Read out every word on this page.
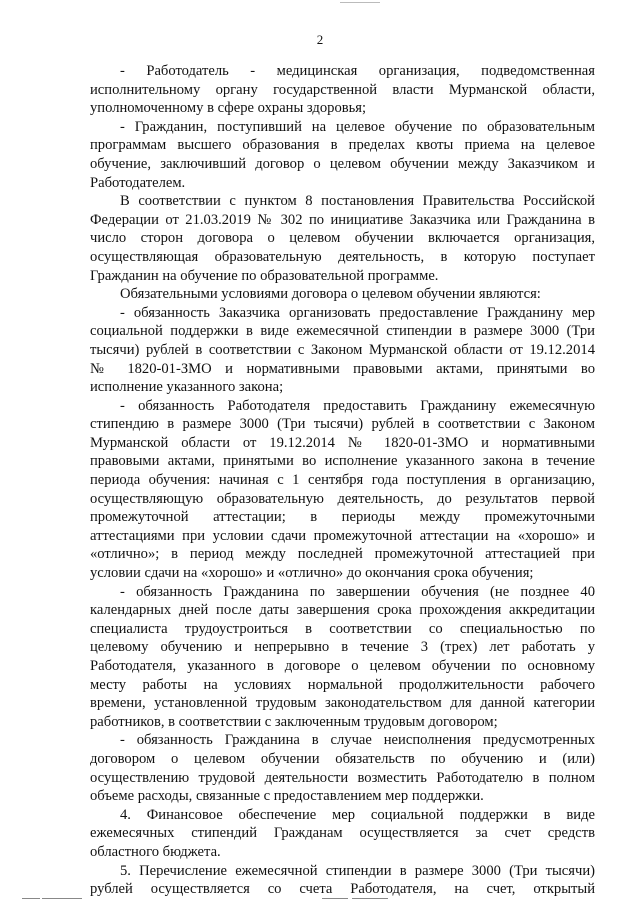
2
- Работодатель - медицинская организация, подведомственная
исполнительному органу государственной власти Мурманской области,
уполномоченному в сфере охраны здоровья;
- Гражданин, поступивший на целевое обучение по образовательным
программам высшего образования в пределах квоты приема на целевое
обучение, заключивший договор о целевом обучении между Заказчиком и
Работодателем.
В соответствии с пунктом 8 постановления Правительства Российской
Федерации от 21.03.2019 № 302 по инициативе Заказчика или Гражданина в
число сторон договора о целевом обучении включается организация,
осуществляющая образовательную деятельность, в которую поступает
Гражданин на обучение по образовательной программе.
Обязательными условиями договора о целевом обучении являются:
- обязанность Заказчика организовать предоставление Гражданину мер
социальной поддержки в виде ежемесячной стипендии в размере 3000 (Три
тысячи) рублей в соответствии с Законом Мурманской области от 19.12.2014
№ 1820-01-ЗМО и нормативными правовыми актами, принятыми во
исполнение указанного закона;
- обязанность Работодателя предоставить Гражданину ежемесячную
стипендию в размере 3000 (Три тысячи) рублей в соответствии с Законом
Мурманской области от 19.12.2014 № 1820-01-ЗМО и нормативными
правовыми актами, принятыми во исполнение указанного закона в течение
периода обучения: начиная с 1 сентября года поступления в организацию,
осуществляющую образовательную деятельность, до результатов первой
промежуточной аттестации; в периоды между промежуточными
аттестациями при условии сдачи промежуточной аттестации на «хорошо» и
«отлично»; в период между последней промежуточной аттестацией при
условии сдачи на «хорошо» и «отлично» до окончания срока обучения;
- обязанность Гражданина по завершении обучения (не позднее 40
календарных дней после даты завершения срока прохождения аккредитации
специалиста трудоустроиться в соответствии со специальностью по
целевому обучению и непрерывно в течение 3 (трех) лет работать у
Работодателя, указанного в договоре о целевом обучении по основному
месту работы на условиях нормальной продолжительности рабочего
времени, установленной трудовым законодательством для данной категории
работников, в соответствии с заключенным трудовым договором;
- обязанность Гражданина в случае неисполнения предусмотренных
договором о целевом обучении обязательств по обучению и (или)
осуществлению трудовой деятельности возместить Работодателю в полном
объеме расходы, связанные с предоставлением мер поддержки.
4. Финансовое обеспечение мер социальной поддержки в виде
ежемесячных стипендий Гражданам осуществляется за счет средств
областного бюджета.
5. Перечисление ежемесячной стипендии в размере 3000 (Три тысячи)
рублей осуществляется со счета Работодателя, на счет, открытый
